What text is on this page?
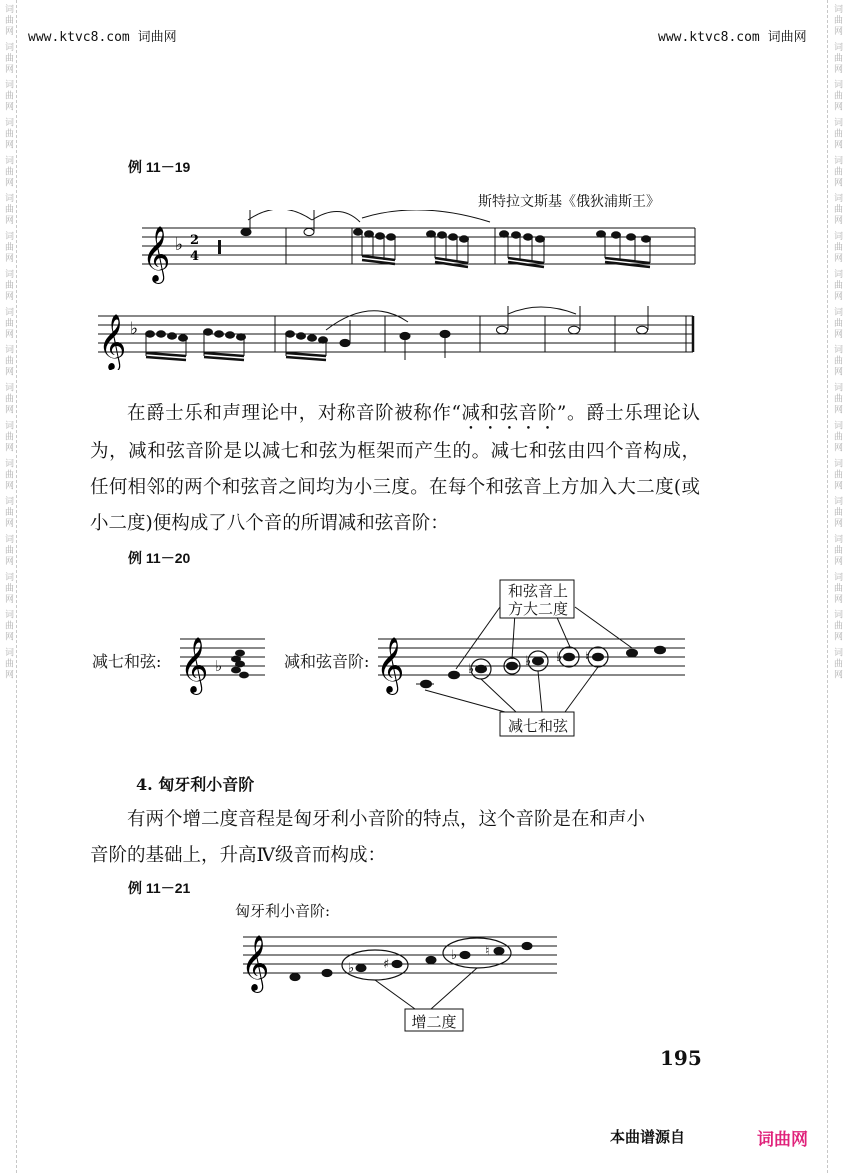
词曲网 词曲网 词曲网 词曲网 词曲网 词曲网 词曲网 词曲网 词曲网 词曲网 词曲网 词曲网 词曲网 词曲网 词曲网 词曲网 词曲网 词曲网	词曲网 词曲网 词曲网 词曲网 词曲网 词曲网 词曲网 词曲网 词曲网 词曲网 词曲网 词曲网 词曲网 词曲网 词曲网 词曲网 词曲网 词曲网
www.ktvc8.com 词曲网	www.ktvc8.com 词曲网
例 11－19
斯特拉文斯基《俄狄浦斯王》
𝄞 ♭ 2
4
𝄞 ♭

在爵士乐和声理论中，对称音阶被称作“减和弦音阶”。爵士乐理论认为，减和弦音阶是以减七和弦为框架而产生的。减七和弦由四个音构成，任何相邻的两个和弦音之间均为小三度。在每个和弦音上方加入大二度(或小二度)便构成了八个音的所谓减和弦音阶：

例 11－20
减七和弦:	减和弦音阶:
𝄞 ♭	𝄞	♭
♭ ♭ ♮
和弦音上
方大二度
减七和弦
4. 匈牙利小音阶
有两个增二度音程是匈牙利小音阶的特点，这个音阶是在和声小
音阶的基础上，升高Ⅳ级音而构成：
例 11－21
匈牙利小音阶:
𝄞	♭ ♯
♭ ♮
增二度
195
本曲谱源自	词曲网
